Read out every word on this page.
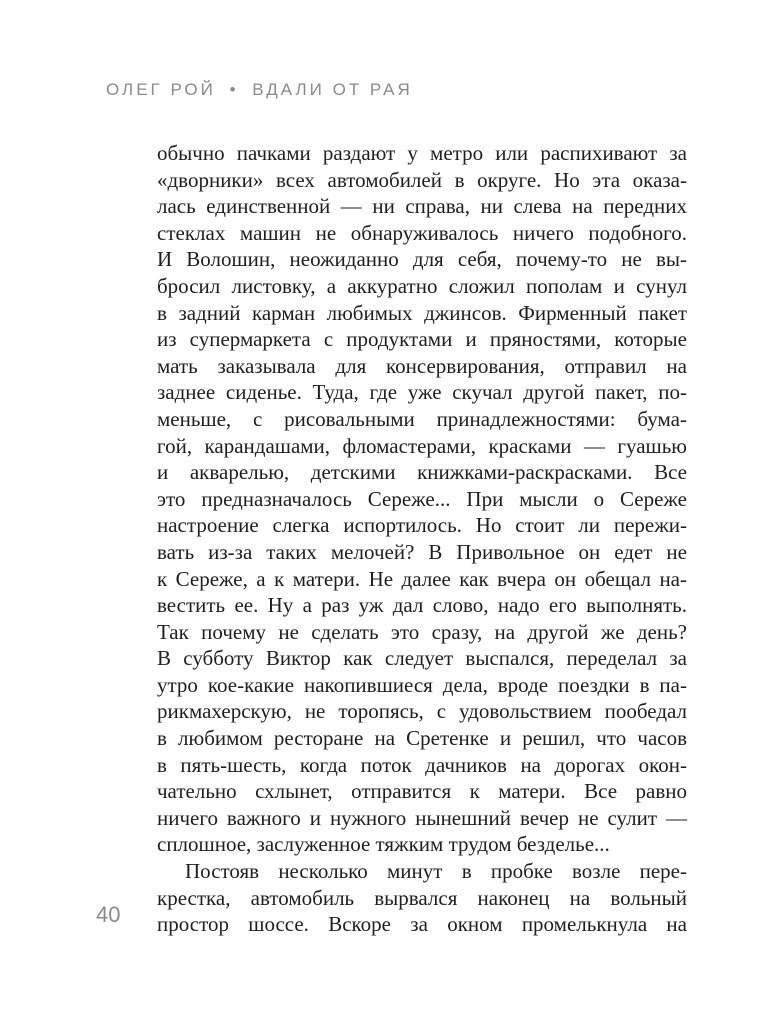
ОЛЕГ РОЙ • ВДАЛИ ОТ РАЯ
обычно пачками раздают у метро или распихивают за
«дворники» всех автомобилей в округе. Но эта оказа-
лась единственной — ни справа, ни слева на передних
стеклах машин не обнаруживалось ничего подобного.
И Волошин, неожиданно для себя, почему-то не вы-
бросил листовку, а аккуратно сложил пополам и сунул
в задний карман любимых джинсов. Фирменный пакет
из супермаркета с продуктами и пряностями, которые
мать заказывала для консервирования, отправил на
заднее сиденье. Туда, где уже скучал другой пакет, по-
меньше, с рисовальными принадлежностями: бума-
гой, карандашами, фломастерами, красками — гуашью
и акварелью, детскими книжками-раскрасками. Все
это предназначалось Сереже... При мысли о Сереже
настроение слегка испортилось. Но стоит ли пережи-
вать из-за таких мелочей? В Привольное он едет не
к Сереже, а к матери. Не далее как вчера он обещал на-
вестить ее. Ну а раз уж дал слово, надо его выполнять.
Так почему не сделать это сразу, на другой же день?
В субботу Виктор как следует выспался, переделал за
утро кое-какие накопившиеся дела, вроде поездки в па-
рикмахерскую, не торопясь, с удовольствием пообедал
в любимом ресторане на Сретенке и решил, что часов
в пять-шесть, когда поток дачников на дорогах окон-
чательно схлынет, отправится к матери. Все равно
ничего важного и нужного нынешний вечер не сулит —
сплошное, заслуженное тяжким трудом безделье...
Постояв несколько минут в пробке возле пере-
крестка, автомобиль вырвался наконец на вольный
простор шоссе. Вскоре за окном промелькнула на
40
